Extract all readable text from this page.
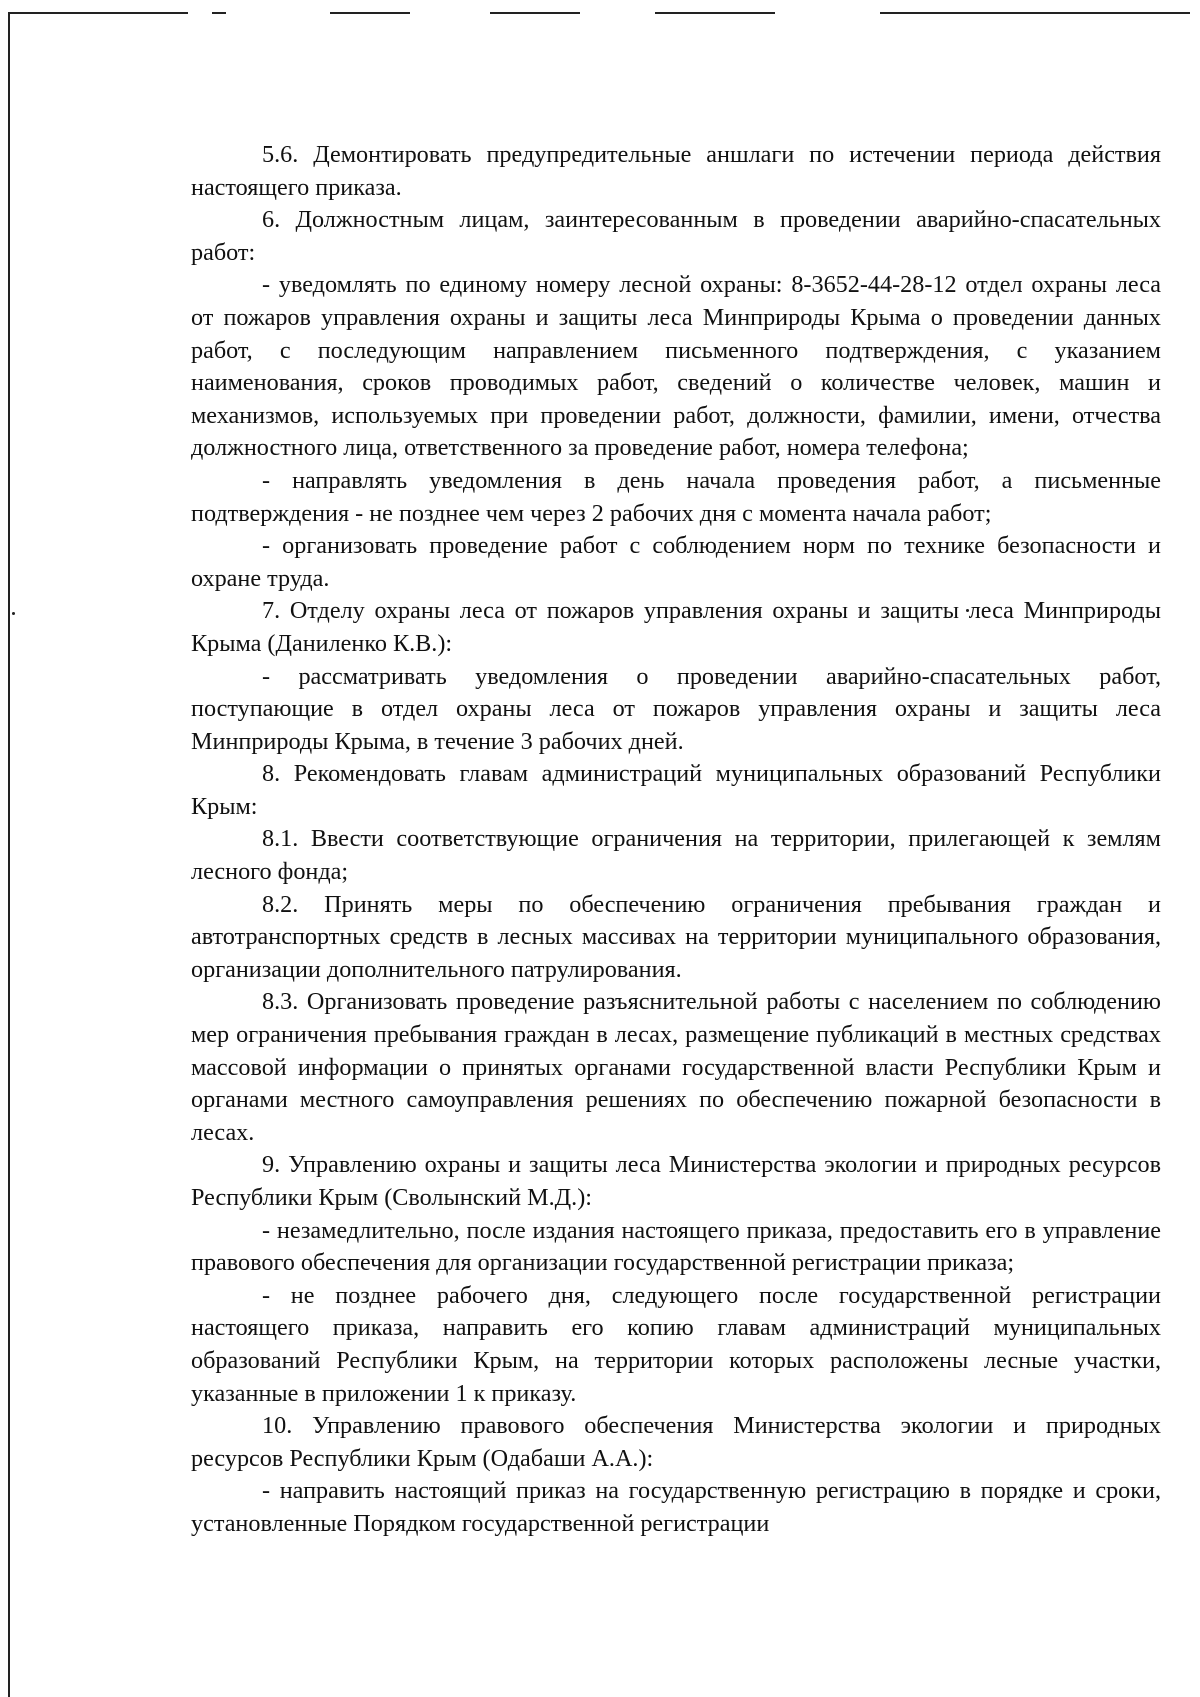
5.6. Демонтировать предупредительные аншлаги по истечении периода действия настоящего приказа.

6. Должностным лицам, заинтересованным в проведении аварийно-спасательных работ:

- уведомлять по единому номеру лесной охраны: 8-3652-44-28-12 отдел охраны леса от пожаров управления охраны и защиты леса Минприроды Крыма о проведении данных работ, с последующим направлением письменного подтверждения, с указанием наименования, сроков проводимых работ, сведений о количестве человек, машин и механизмов, используемых при проведении работ, должности, фамилии, имени, отчества должностного лица, ответственного за проведение работ, номера телефона;

- направлять уведомления в день начала проведения работ, а письменные подтверждения - не позднее чем через 2 рабочих дня с момента начала работ;

- организовать проведение работ с соблюдением норм по технике безопасности и охране труда.

7. Отделу охраны леса от пожаров управления охраны и защиты леса Минприроды Крыма (Даниленко К.В.):

- рассматривать уведомления о проведении аварийно-спасательных работ, поступающие в отдел охраны леса от пожаров управления охраны и защиты леса Минприроды Крыма, в течение 3 рабочих дней.

8. Рекомендовать главам администраций муниципальных образований Республики Крым:

8.1. Ввести соответствующие ограничения на территории, прилегающей к землям лесного фонда;

8.2. Принять меры по обеспечению ограничения пребывания граждан и автотранспортных средств в лесных массивах на территории муниципального образования, организации дополнительного патрулирования.

8.3. Организовать проведение разъяснительной работы с населением по соблюдению мер ограничения пребывания граждан в лесах, размещение публикаций в местных средствах массовой информации о принятых органами государственной власти Республики Крым и органами местного самоуправления решениях по обеспечению пожарной безопасности в лесах.

9. Управлению охраны и защиты леса Министерства экологии и природных ресурсов Республики Крым (Сволынский М.Д.):

- незамедлительно, после издания настоящего приказа, предоставить его в управление правового обеспечения для организации государственной регистрации приказа;

- не позднее рабочего дня, следующего после государственной регистрации настоящего приказа, направить его копию главам администраций муниципальных образований Республики Крым, на территории которых расположены лесные участки, указанные в приложении 1 к приказу.

10. Управлению правового обеспечения Министерства экологии и природных ресурсов Республики Крым (Одабаши А.А.):

- направить настоящий приказ на государственную регистрацию в порядке и сроки, установленные Порядком государственной регистрации
